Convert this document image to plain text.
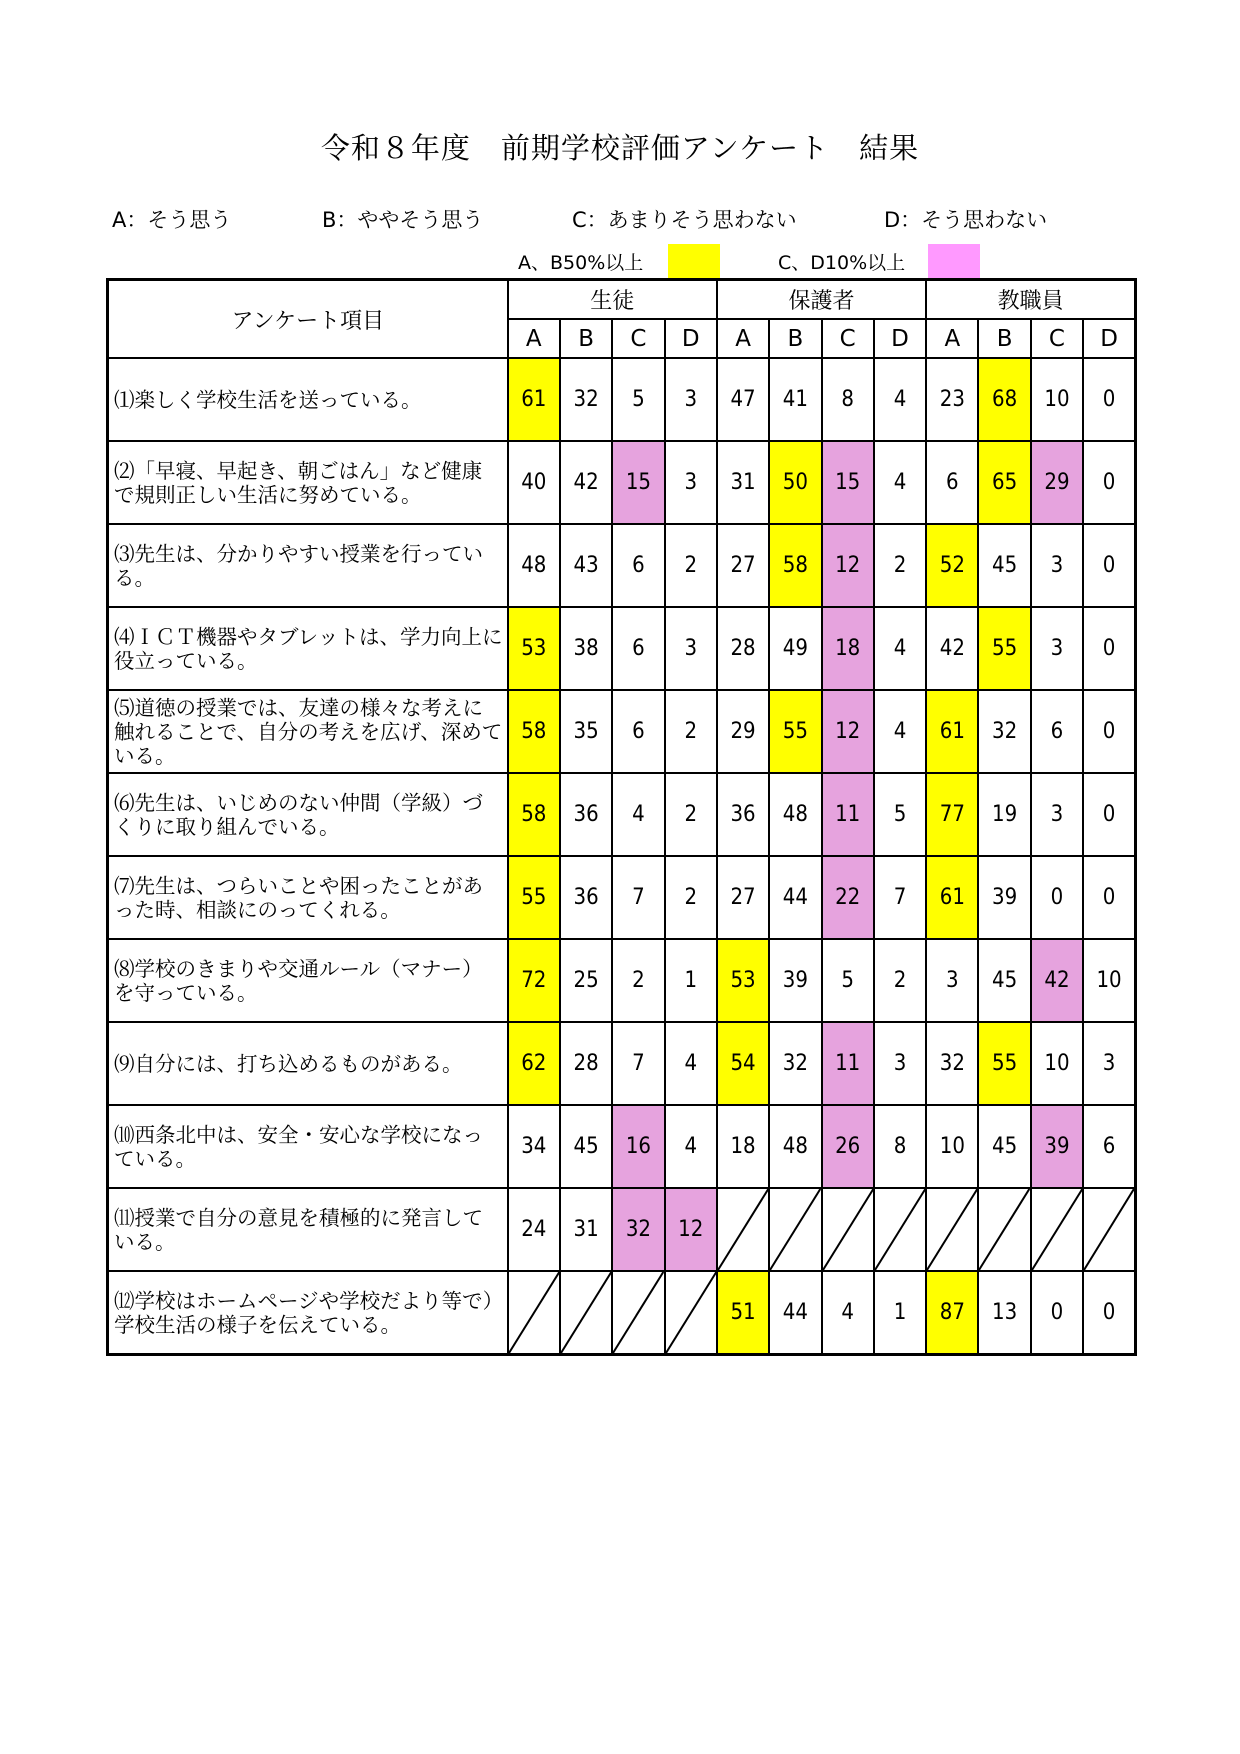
令和８年度　前期学校評価アンケート　結果
A：そう思う	B：ややそう思う	C：あまりそう思わない	D：そう思わない
A、B50%以上	C、D10%以上
アンケート項目	生徒				保護者				教職員			
	A	B	C	D	A	B	C	D	A	B	C	D
⑴楽しく学校生活を送っている。	61	32	5	3	47	41	8	4	23	68	10	0
⑵「早寝、早起き、朝ごはん」など健康で規則正しい生活に努めている。	40	42	15	3	31	50	15	4	6	65	29	0
⑶先生は、分かりやすい授業を行っている。	48	43	6	2	27	58	12	2	52	45	3	0
⑷ＩＣＴ機器やタブレットは、学力向上に役立っている。	53	38	6	3	28	49	18	4	42	55	3	0
⑸道徳の授業では、友達の様々な考えに触れることで、自分の考えを広げ、深めている。	58	35	6	2	29	55	12	4	61	32	6	0
⑹先生は、いじめのない仲間（学級）づくりに取り組んでいる。	58	36	4	2	36	48	11	5	77	19	3	0
⑺先生は、つらいことや困ったことがあった時、相談にのってくれる。	55	36	7	2	27	44	22	7	61	39	0	0
⑻学校のきまりや交通ルール（マナー）を守っている。	72	25	2	1	53	39	5	2	3	45	42	10
⑼自分には、打ち込めるものがある。	62	28	7	4	54	32	11	3	32	55	10	3
⑽西条北中は、安全・安心な学校になっている。	34	45	16	4	18	48	26	8	10	45	39	6
⑾授業で自分の意見を積極的に発言している。	24	31	32	12	

⑿学校はホームページや学校だより等で）学校生活の様子を伝えている。					51	44	4	1	87	13	0	0
